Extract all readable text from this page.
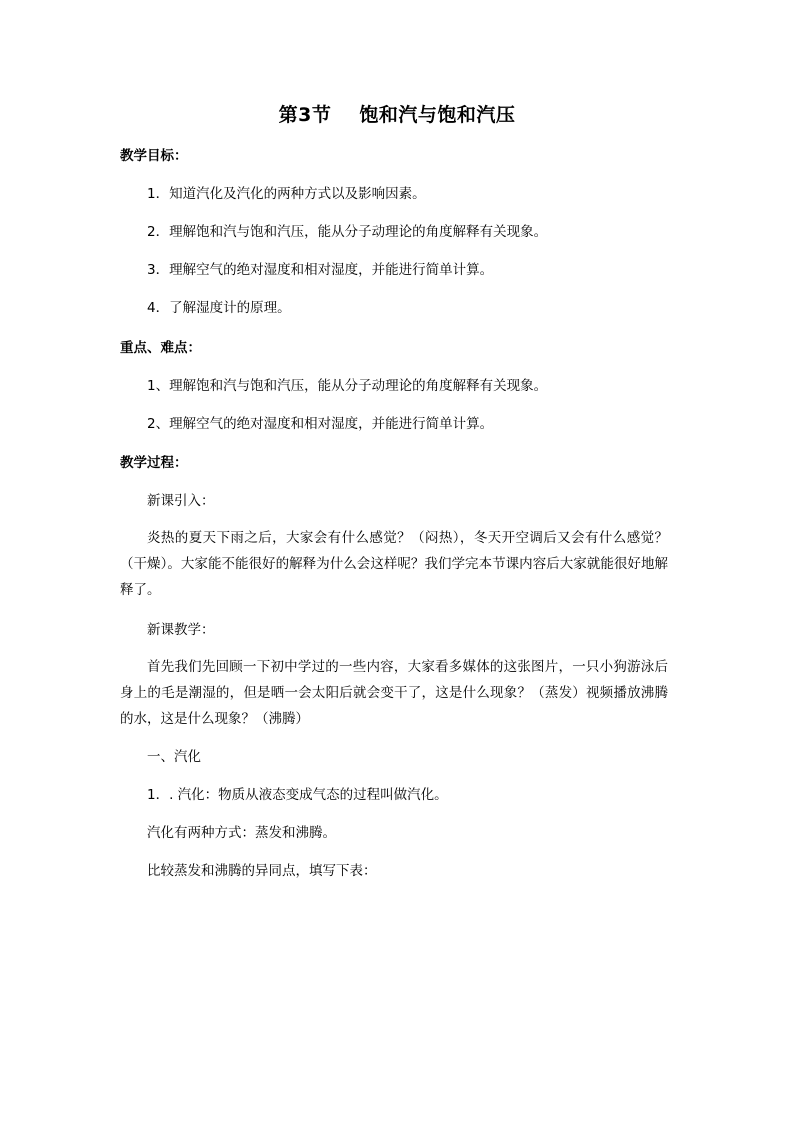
第3节 饱和汽与饱和汽压
教学目标：
1．知道汽化及汽化的两种方式以及影响因素。
2．理解饱和汽与饱和汽压，能从分子动理论的角度解释有关现象。
3．理解空气的绝对湿度和相对湿度，并能进行简单计算。
4．了解湿度计的原理。
重点、难点：
1、理解饱和汽与饱和汽压，能从分子动理论的角度解释有关现象。
2、理解空气的绝对湿度和相对湿度，并能进行简单计算。
教学过程：
新课引入：
炎热的夏天下雨之后，大家会有什么感觉？（闷热），冬天开空调后又会有什么感觉？（干燥）。大家能不能很好的解释为什么会这样呢？我们学完本节课内容后大家就能很好地解释了。
新课教学：
首先我们先回顾一下初中学过的一些内容，大家看多媒体的这张图片，一只小狗游泳后身上的毛是潮湿的，但是晒一会太阳后就会变干了，这是什么现象？（蒸发）视频播放沸腾的水，这是什么现象？（沸腾）
一、汽化
1．. 汽化：物质从液态变成气态的过程叫做汽化。
汽化有两种方式：蒸发和沸腾。
比较蒸发和沸腾的异同点，填写下表：
